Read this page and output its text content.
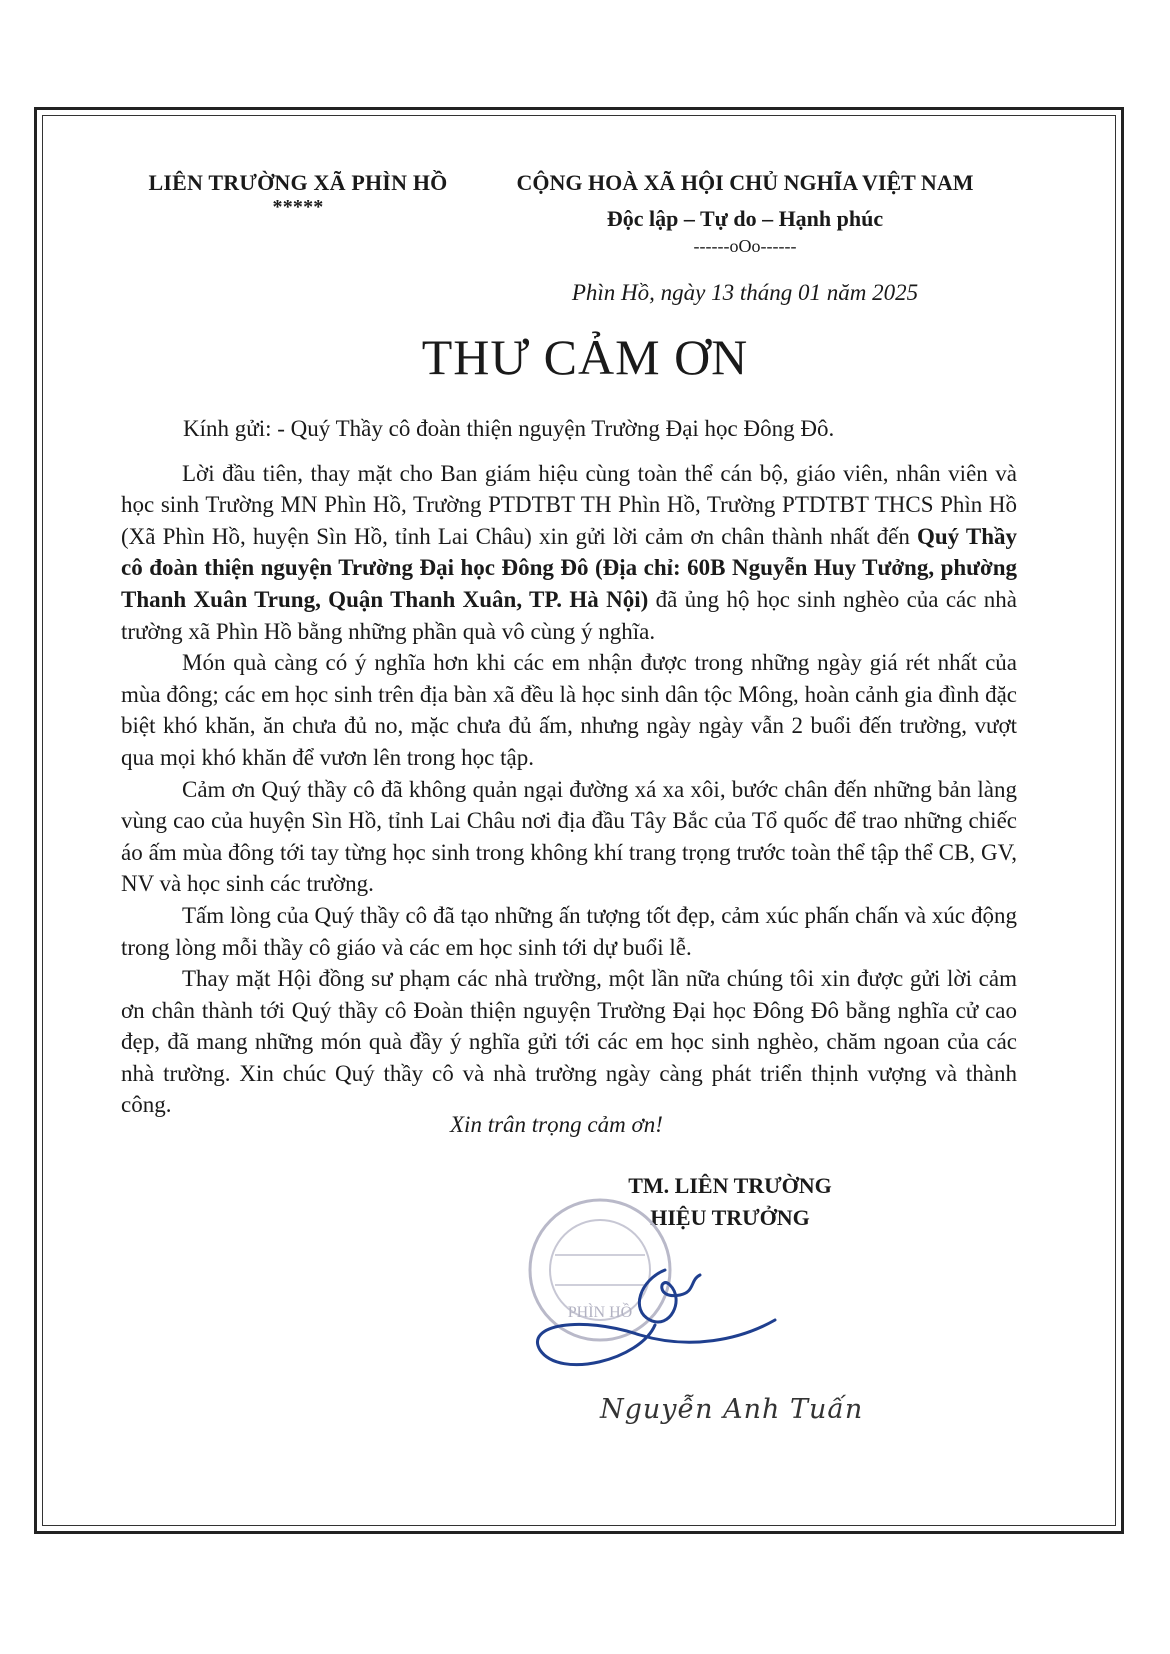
LIÊN TRƯỜNG XÃ PHÌN HỒ
*****
CỘNG HOÀ XÃ HỘI CHỦ NGHĨA VIỆT NAM
Độc lập – Tự do – Hạnh phúc
------oOo------
Phìn Hồ, ngày 13 tháng 01 năm 2025
THƯ CẢM ƠN

Kính gửi: - Quý Thầy cô đoàn thiện nguyện Trường Đại học Đông Đô.

Lời đầu tiên, thay mặt cho Ban giám hiệu cùng toàn thể cán bộ, giáo viên, nhân viên và học sinh Trường MN Phìn Hồ, Trường PTDTBT TH Phìn Hồ, Trường PTDTBT THCS Phìn Hồ (Xã Phìn Hồ, huyện Sìn Hồ, tỉnh Lai Châu) xin gửi lời cảm ơn chân thành nhất đến Quý Thầy cô đoàn thiện nguyện Trường Đại học Đông Đô (Địa chỉ: 60B Nguyễn Huy Tưởng, phường Thanh Xuân Trung, Quận Thanh Xuân, TP. Hà Nội) đã ủng hộ học sinh nghèo của các nhà trường xã Phìn Hồ bằng những phần quà vô cùng ý nghĩa.

Món quà càng có ý nghĩa hơn khi các em nhận được trong những ngày giá rét nhất của mùa đông; các em học sinh trên địa bàn xã đều là học sinh dân tộc Mông, hoàn cảnh gia đình đặc biệt khó khăn, ăn chưa đủ no, mặc chưa đủ ấm, nhưng ngày ngày vẫn 2 buổi đến trường, vượt qua mọi khó khăn để vươn lên trong học tập.

Cảm ơn Quý thầy cô đã không quản ngại đường xá xa xôi, bước chân đến những bản làng vùng cao của huyện Sìn Hồ, tỉnh Lai Châu nơi địa đầu Tây Bắc của Tổ quốc để trao những chiếc áo ấm mùa đông tới tay từng học sinh trong không khí trang trọng trước toàn thể tập thể CB, GV, NV và học sinh các trường.

Tấm lòng của Quý thầy cô đã tạo những ấn tượng tốt đẹp, cảm xúc phấn chấn và xúc động trong lòng mỗi thầy cô giáo và các em học sinh tới dự buổi lễ.

Thay mặt Hội đồng sư phạm các nhà trường, một lần nữa chúng tôi xin được gửi lời cảm ơn chân thành tới Quý thầy cô Đoàn thiện nguyện Trường Đại học Đông Đô bằng nghĩa cử cao đẹp, đã mang những món quà đầy ý nghĩa gửi tới các em học sinh nghèo, chăm ngoan của các nhà trường. Xin chúc Quý thầy cô và nhà trường ngày càng phát triển thịnh vượng và thành công.

Xin trân trọng cảm ơn!
TM. LIÊN TRƯỜNG
HIỆU TRƯỞNG
PHÌN HỒ
Nguyễn Anh Tuấn
